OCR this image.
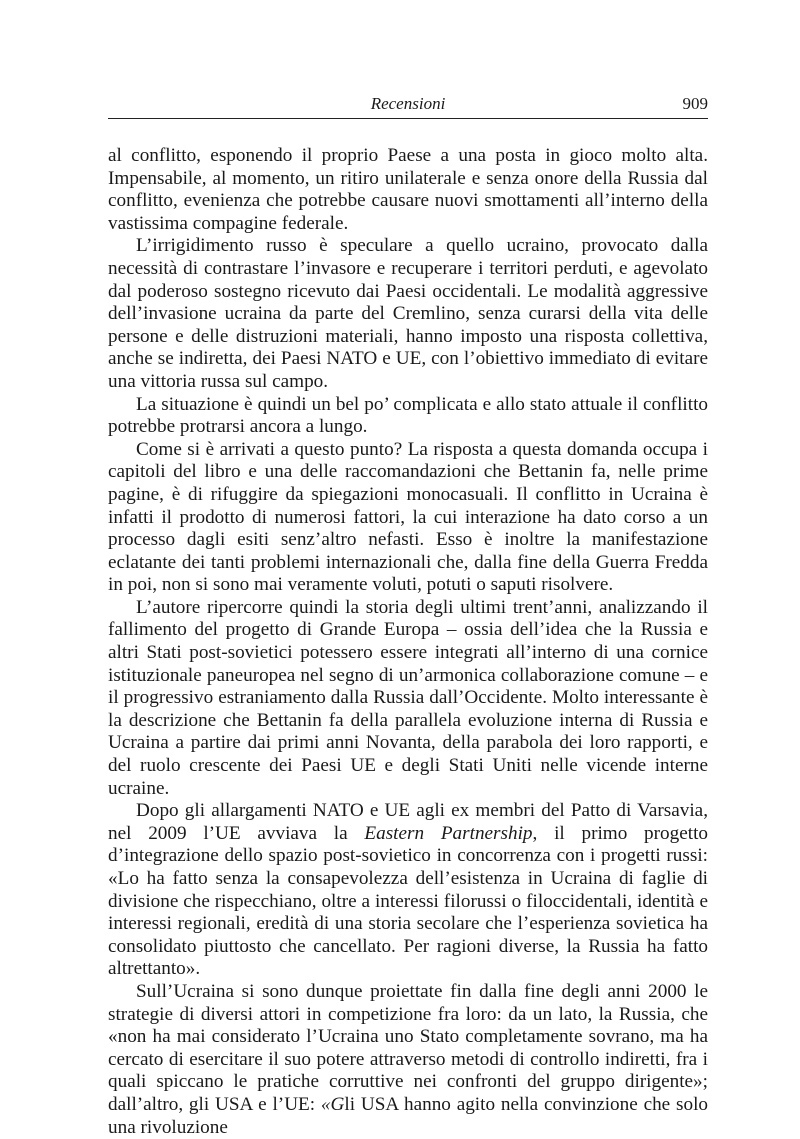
Recensioni	909

al conflitto, esponendo il proprio Paese a una posta in gioco molto alta. Impensabile, al momento, un ritiro unilaterale e senza onore della Russia dal conflitto, evenienza che potrebbe causare nuovi smottamenti all’interno della vastissima compagine federale.

L’irrigidimento russo è speculare a quello ucraino, provocato dalla necessità di contrastare l’invasore e recuperare i territori perduti, e agevolato dal poderoso sostegno ricevuto dai Paesi occidentali. Le modalità aggressive dell’invasione ucraina da parte del Cremlino, senza curarsi della vita delle persone e delle distruzioni materiali, hanno imposto una risposta collettiva, anche se indiretta, dei Paesi NATO e UE, con l’obiettivo immediato di evitare una vittoria russa sul campo.

La situazione è quindi un bel po’ complicata e allo stato attuale il conflitto potrebbe protrarsi ancora a lungo.

Come si è arrivati a questo punto? La risposta a questa domanda occupa i capitoli del libro e una delle raccomandazioni che Bettanin fa, nelle prime pagine, è di rifuggire da spiegazioni monocasuali. Il conflitto in Ucraina è infatti il prodotto di numerosi fattori, la cui interazione ha dato corso a un processo dagli esiti senz’altro nefasti. Esso è inoltre la manifestazione eclatante dei tanti problemi internazionali che, dalla fine della Guerra Fredda in poi, non si sono mai veramente voluti, potuti o saputi risolvere.

L’autore ripercorre quindi la storia degli ultimi trent’anni, analizzando il fallimento del progetto di Grande Europa – ossia dell’idea che la Russia e altri Stati post-sovietici potessero essere integrati all’interno di una cornice istituzionale paneuropea nel segno di un’armonica collaborazione comune – e il progressivo estraniamento dalla Russia dall’Occidente. Molto interessante è la descrizione che Bettanin fa della parallela evoluzione interna di Russia e Ucraina a partire dai primi anni Novanta, della parabola dei loro rapporti, e del ruolo crescente dei Paesi UE e degli Stati Uniti nelle vicende interne ucraine.

Dopo gli allargamenti NATO e UE agli ex membri del Patto di Varsavia, nel 2009 l’UE avviava la Eastern Partnership, il primo progetto d’integrazione dello spazio post-sovietico in concorrenza con i progetti russi: «Lo ha fatto senza la consapevolezza dell’esistenza in Ucraina di faglie di divisione che rispecchiano, oltre a interessi filorussi o filoccidentali, identità e interessi regionali, eredità di una storia secolare che l’esperienza sovietica ha consolidato piuttosto che cancellato. Per ragioni diverse, la Russia ha fatto altrettanto».

Sull’Ucraina si sono dunque proiettate fin dalla fine degli anni 2000 le strategie di diversi attori in competizione fra loro: da un lato, la Russia, che «non ha mai considerato l’Ucraina uno Stato completamente sovrano, ma ha cercato di esercitare il suo potere attraverso metodi di controllo indiretti, fra i quali spiccano le pratiche corruttive nei confronti del gruppo dirigente»; dall’altro, gli USA e l’UE: «Gli USA hanno agito nella convinzione che solo una rivoluzione
